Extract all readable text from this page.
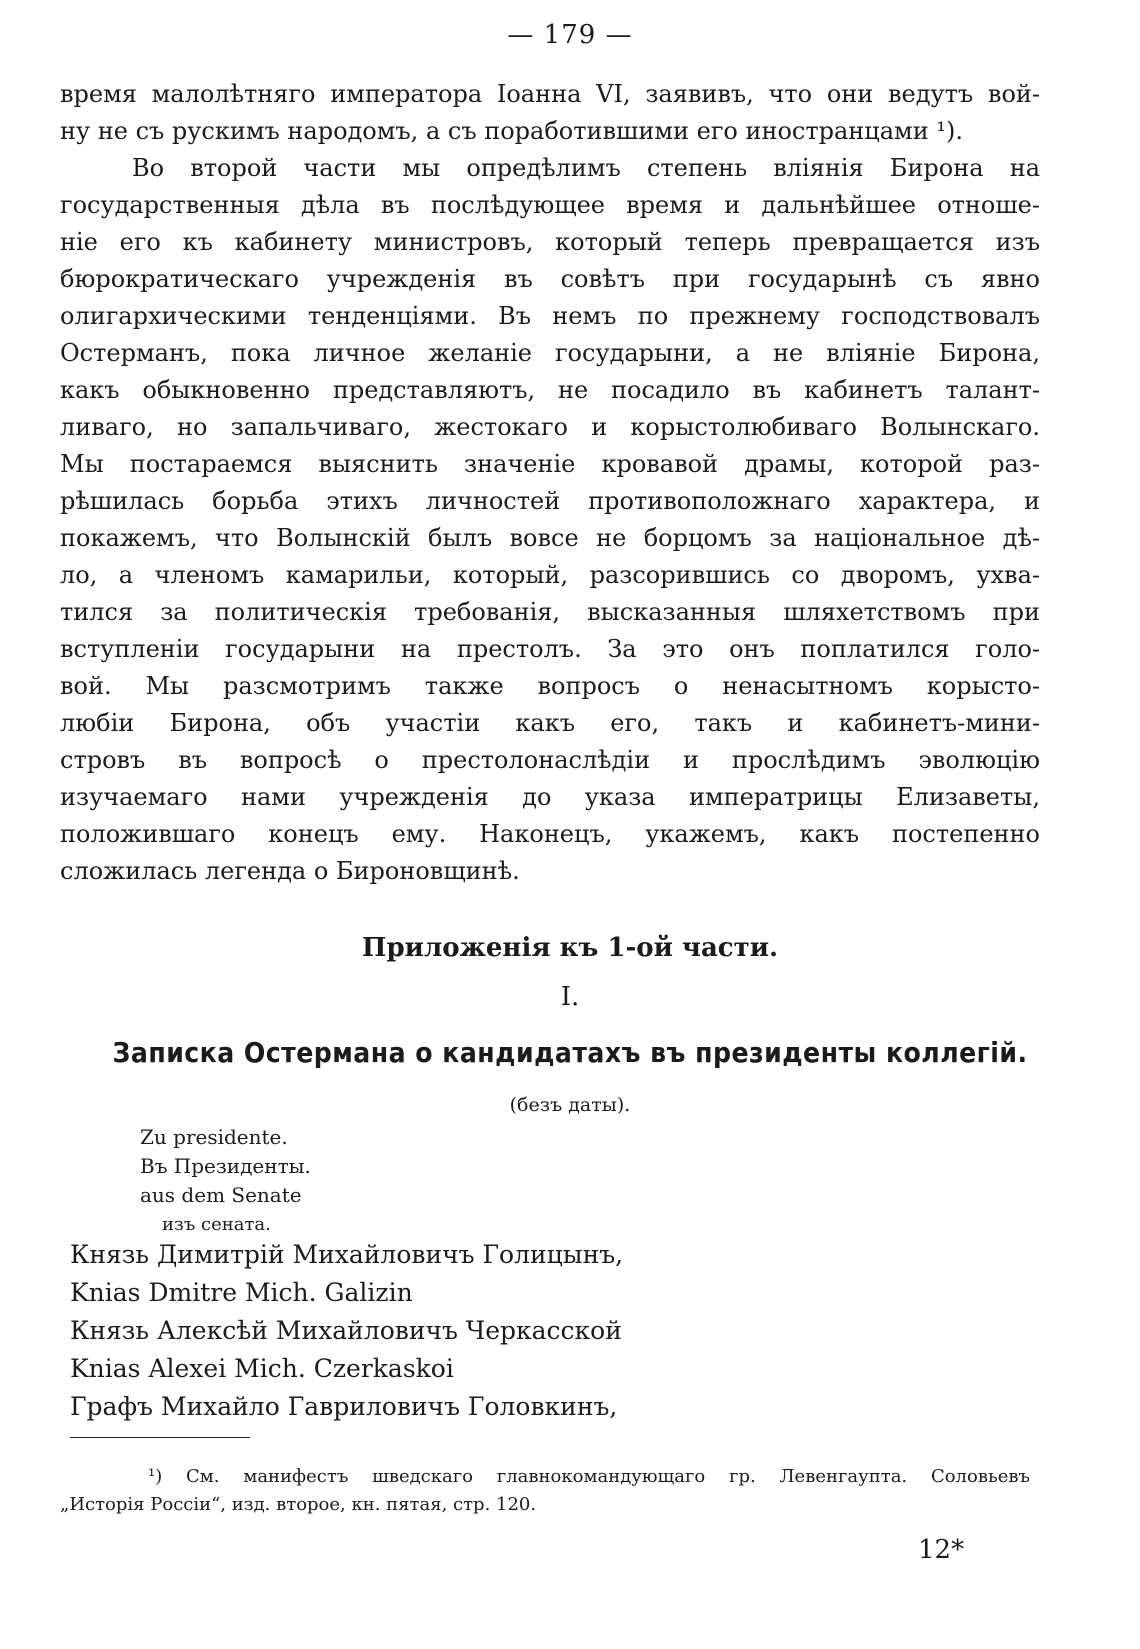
— 179 —
время малолѣтняго императора Іоанна VI, заявивъ, что они ведутъ вой-
ну не съ рускимъ народомъ, а съ поработившими его иностранцами ¹).
Во второй части мы опредѣлимъ степень вліянія Бирона на
государственныя дѣла въ послѣдующее время и дальнѣйшее отноше-
ніе его къ кабинету министровъ, который теперь превращается изъ
бюрократическаго учрежденія въ совѣтъ при государынѣ съ явно
олигархическими тенденціями. Въ немъ по прежнему господствовалъ
Остерманъ, пока личное желаніе государыни, а не вліяніе Бирона,
какъ обыкновенно представляютъ, не посадило въ кабинетъ талант-
ливаго, но запальчиваго, жестокаго и корыстолюбиваго Волынскаго.
Мы постараемся выяснить значеніе кровавой драмы, которой раз-
рѣшилась борьба этихъ личностей противоположнаго характера, и
покажемъ, что Волынскій былъ вовсе не борцомъ за національное дѣ-
ло, а членомъ камарильи, который, разсорившись со дворомъ, ухва-
тился за политическія требованія, высказанныя шляхетствомъ при
вступленіи государыни на престолъ. За это онъ поплатился голо-
вой. Мы разсмотримъ также вопросъ о ненасытномъ корысто-
любіи Бирона, объ участіи какъ его, такъ и кабинетъ-мини-
стровъ въ вопросѣ о престолонаслѣдіи и прослѣдимъ эволюцію
изучаемаго нами учрежденія до указа императрицы Елизаветы,
положившаго конецъ ему. Наконецъ, укажемъ, какъ постепенно
сложилась легенда о Бироновщинѣ.
Приложенія къ 1-ой части.
I.
Записка Остермана о кандидатахъ въ президенты коллегій.
(безъ даты).
Zu presidente.
Въ Президенты.
aus dem Senate
изъ сената.
Князь Димитрій Михайловичъ Голицынъ,
Knias Dmitre Mich. Galizin
Князь Алексѣй Михайловичъ Черкасской
Knias Alexei Mich. Czerkaskoi
Графъ Михайло Гавриловичъ Головкинъ,
¹) См. манифестъ шведскаго главнокомандующаго гр. Левенгаупта. Соловьевъ
„Исторія Россіи“, изд. второе, кн. пятая, стр. 120.
12*
